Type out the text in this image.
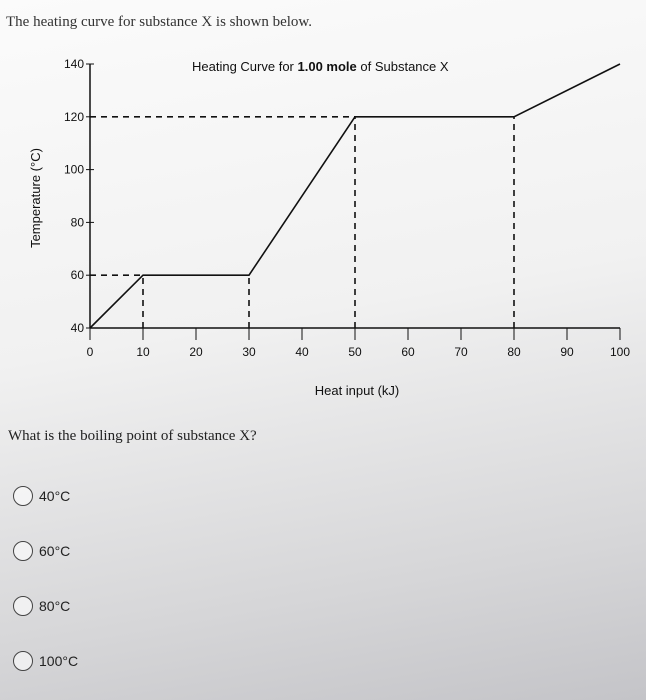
The heating curve for substance X is shown below.
Heating Curve for 1.00 mole of Substance X
Temperature (°C)
Heat input (kJ)
0	10	20	30	40	50	60	70	80	90	100
40
60
80
100
120
140
What is the boiling point of substance X?
40°C
60°C
80°C
100°C
